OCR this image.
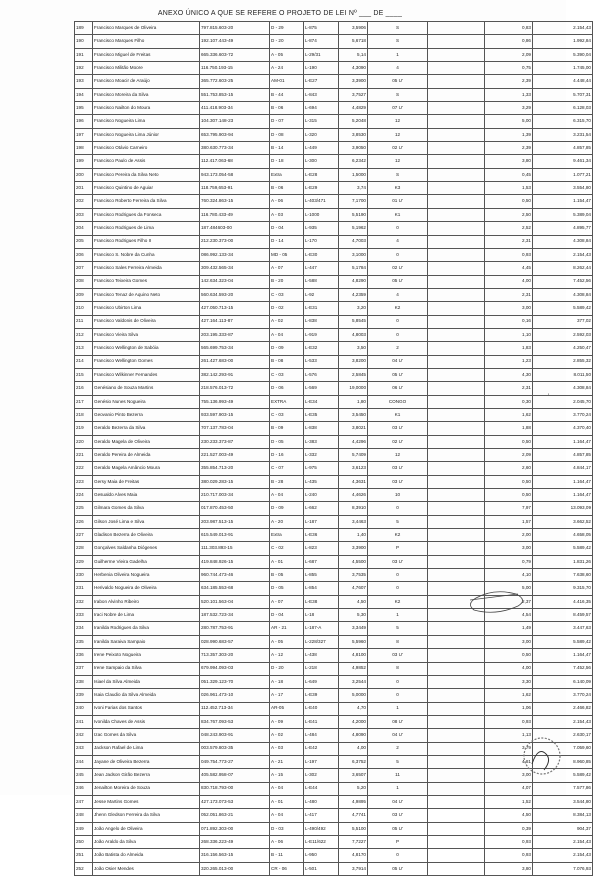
ANEXO ÚNICO A QUE SE REFERE O PROJETO DE LEI Nº ___ DE ____
189	Francisco Marques de Oliveira	797.815.603-20	D - 29	L-875	3,5906	S		0,83	2.154,43
190	Francisco Marques Filho	192.107.443-49	D - 20	L-874	5,6718	S		0,86	1.992,84
191	Francisco Miguel de Freitas	665.336.603-72	A - 05	L-29/31	5,14	1		2,09	5.390,04
192	Francisco Militão Moore	116.750.193-15	A - 24	L-190	4,3090	4		0,75	1.745,00
193	Francisco Moacir de Araújo	365.772.603-25	AM-01	L-E27	3,3900	05 U'		2,39	4.448,44
194	Francisco Moreira da Silva	551.753.853-15	B - 44	L-843	3,7527	S		1,33	5.707,31
195	Francisco Nailton do Moura	411.418.903-34	B - 06	L-694	4,4829	07 U'		3,29	6.128,03
196	Francisco Nogueira Lima	104.307.148-23	D - 07	L-315	5,2048	12		5,00	6.315,70
197	Francisco Nogueira Lima Júnior	653.795.903-94	D - 08	L-320	3,8530	12		1,39	3.231,54
198	Francisco Otávio Carneiro	380.630.773-34	B - 14	L-449	3,9050	02 U'		2,39	4.857,85
199	Francisco Paulo de Assis	112.417.063-68	D - 18	L-300	6,2342	12		3,80	9.461,34
200	Francisco Pereira da Silva Neto	943.173.054-58	Extra	L-E28	1,5000	S		0,45	1.077,21
201	Francisco Quintino de Aguiar	118.759,653-91	B - 06	L-E29	3,74	K3		1,53	3.554,80
202	Francisco Roberto Ferreira da Silva	760.324.863-15	A - 06	L-403/471	7,1700	01 U'		0,50	1.154,47
203	Francisco Rodrigues da Fonseca	116.780.433-49	A - 03	L-1000	5,5190	K1		2,50	5.389,04
204	Francisco Rodrigues de Lima	187.484603-00	D - 04	L-935	5,1962	0		2,52	4.895,77
205	Francisco Rodrigues Filho II	212.230.373-00	D - 14	L-170	4,7003	4		2,31	4.308,84
206	Francisco S. Nobre da Cunha	086.992.133-34	MD - 05	L-E30	3,1000	0		0,93	2.154,43
207	Francisco Sales Ferreira Almeida	309.432.565-34	A - 07	L-447	5,1784	02 U'		4,45	8.262,44
208	Francisco Teixeira Gomes	142.634.323-04	B - 20	L-588	4,8290	05 U'		4,00	7.452,56
209	Francisco Tenaz de Aquino Neto	560.634.593-20	C - 03	L-92	4,2359	4		2,31	4.308,84
210	Francisco Ubirton Lima	427.050.713-15	D - 02	L-E31	3,20	K2		3,00	5.589,42
211	Francisco Valdonis de Oliveira	427.164.113-87	A - 02	L-838	5,8545	0		0,16	377,02
212	Francisco Vieira Silva	203.195.333-87	A - 04	L-919	4,8003	0		1,10	2.592,03
213	Francisco Wellington de Sabóia	565.699.753-34	D - 09	L-E32	3,50	2		1,83	4.250,47
214	Francisco Wellington Gomes	261.427.683-00	B - 08	L-533	3,8200	04 U'		1,23	2.855,32
215	Francisco Wilkinner Fernandes	382.142.293-91	C - 03	L-576	2,5845	05 U'		4,30	8.011,50
216	Genésiano de Souza Martins	218.576.013-72	D - 06	L-569	19,0000	06 U'		2,31	4.308,84
217	Genésio Nunes Nogueira	755.136.993-49	EXTRA	L-E34	1,80	CONGO		0,30	2.045,70
218	Geovanio Pinto Bezerra	933.597.903-15	C - 03	L-E35	3,5450	K1		1,62	3.770,24
219	Geraldo Bezerra da Silva	707.137.783-04	B - 09	L-838	3,8021	03 U'		1,88	4.370,40
220	Geraldo Magela de Oliveira	230.233.373-87	D - 05	L-383	4,4296	02 U'		0,50	1.164,47
221	Geraldo Pereira de Almeida	221.527.003-49	D - 16	L-332	5,7409	12		2,09	4.857,85
222	Geraldo Magela Amâncio Moura	355.854.713-20	C - 07	L-975	3,6123	03 U'		2,60	4.844,17
223	Gersy Maia de Freitas	380.029.283-15	B - 28	L-435	4,3631	03 U'		0,50	1.164,47
224	Gesualdo Alves Maia	210.717.003-34	A - 04	L-240	4,4626	10		0,50	1.164,47
225	Gilmara Gomes da Silva	017.870.453-50	D - 09	L-662	8,3910	0		7,97	13.093,09
226	Gilson José Lima e Silva	203.987.513-15	A - 20	L-187	3,4463	5		1,57	3.662,52
227	Gladison Bezerra de Oliveira	615.549.013-91	Extra	L-E36	1,40	K2		2,00	4.658,05
228	Gonçalves Saldanha Diógenes	111.303.893-15	C - 02	L-823	3,3900	P		3,00	5.589,42
229	Guilherme Vieira Gadelha	419.848.926-15	A - 01	L-687	4,5500	03 U'		0,79	1.831,26
230	Herbenia Oliveira Nogueira	960.744.473-46	B - 05	L-855	3,7535	0		4,10	7.638,60
231	Herivaldo Nogueira de Oliveira	634.185.553-68	D - 05	L-854	4,7607	0		5,00	9.315,70
232	Irabon Alvinho Ribeiro	520.101.563-04	A - 07	L-E38	4,50	K2		2,37	4.416,35
233	Iraci Nobre de Lima	187.532.723-34	D - 04	L-18	5,30	1		4,54	8.459,57
234	Iranilda Rodrigues da Silva	280.787.753-91	AR - 21	L-187-A	3,3449	5		1,49	3.447,63
235	Iranilda Saraiva Sampaio	028.990.683-57	A - 05	L-228/327	5,5960	8		3,00	5.589,42
236	Irene Peixoto Nogueira	713.357.303-20	A - 12	L-438	4,8100	03 U'		0,50	1.164,47
237	Irene Sampaio da Silva	679.994.093-03	D - 20	L-218	4,9852	8		4,00	7.452,56
238	Isiael da Silva Almeida	051.329.123-70	A - 18	L-649	3,2544	0		3,30	6.140,09
239	Isaia Claudio da Silva Almeida	026.961.473-10	A - 17	L-E39	5,0000	0		1,62	3.770,24
240	Ivoni Farias dos Santos	112.452.713-34	AR-05	L-E40	4,70	1		1,06	2.466,82
241	Ivonilda Chaves de Assis	834.767.093-53	A - 09	L-E41	4,2000	08 U'		0,93	2.154,43
242	Izac Gomes da Silva	048.243.903-91	A - 02	L-484	4,8090	04 U'		1,13	2.630,17
243	Jackson Rafael de Lima	003.579.803-35	A - 03	L-E42	4,00	2		3,79	7.059,60
244	Jayane de Oliveira Bezerra	049.754.773-27	A - 21	L-197	6,3752	5		4,81	8.960,85
245	Jean Jadson Girão Bezerra	405.582.958-07	A - 15	L-302	3,6507	11		3,00	5.589,42
246	Jenailton Moreira de Souza	830.718.793-00	A - 04	L-E44	5,20	1		4,07	7.577,86
247	Jesse Martins Gomes	427.173.073-53	A - 01	L-480	4,9895	04 U'		1,52	3.544,80
248	Jhenn Gledson Ferreira da Silva	052.051.863-21	A - 04	L-417	4,7741	03 U'		4,50	8.384,13
249	João Angelo de Oliveira	071.892.303-00	D - 03	L-490/492	5,5100	05 U'		0,39	904,37
250	João Araldo da Silva	268.336.223-49	A - 06	L-E11/622	7,7227	P		0,93	2.154,43
251	João Batista do Almeida	316.156.563-15	B - 11	L-950	4,8170	0		0,93	2.154,43
252	João Osier Mendes	320.265.013-00	CR - 06	L-501	3,7914	05 U'		3,80	7.076,93
'
